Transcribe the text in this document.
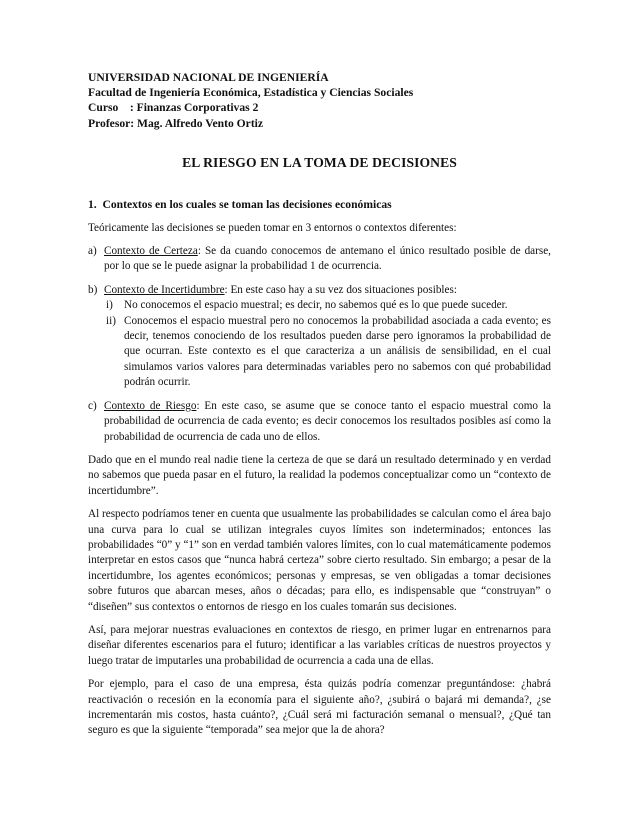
UNIVERSIDAD NACIONAL DE INGENIERÍA
Facultad de Ingeniería Económica, Estadística y Ciencias Sociales
Curso    : Finanzas Corporativas 2
Profesor: Mag. Alfredo Vento Ortiz
EL RIESGO EN LA TOMA DE DECISIONES
1.  Contextos en los cuales se toman las decisiones económicas

Teóricamente las decisiones se pueden tomar en 3 entornos o contextos diferentes:

a) Contexto de Certeza: Se da cuando conocemos de antemano el único resultado posible de darse, por lo que se le puede asignar la probabilidad 1 de ocurrencia.
b) Contexto de Incertidumbre: En este caso hay a su vez dos situaciones posibles:
i) No conocemos el espacio muestral; es decir, no sabemos qué es lo que puede suceder.
ii) Conocemos el espacio muestral pero no conocemos la probabilidad asociada a cada evento; es decir, tenemos conociendo de los resultados pueden darse pero ignoramos la probabilidad de que ocurran. Este contexto es el que caracteriza a un análisis de sensibilidad, en el cual simulamos varios valores para determinadas variables pero no sabemos con qué probabilidad podrán ocurrir.
c) Contexto de Riesgo: En este caso, se asume que se conoce tanto el espacio muestral como la probabilidad de ocurrencia de cada evento; es decir conocemos los resultados posibles así como la probabilidad de ocurrencia de cada uno de ellos.

Dado que en el mundo real nadie tiene la certeza de que se dará un resultado determinado y en verdad no sabemos que pueda pasar en el futuro, la realidad la podemos conceptualizar como un “contexto de incertidumbre”.

Al respecto podríamos tener en cuenta que usualmente las probabilidades se calculan como el área bajo una curva para lo cual se utilizan integrales cuyos límites son indeterminados; entonces las probabilidades “0” y “1” son en verdad también valores límites, con lo cual matemáticamente podemos interpretar en estos casos que “nunca habrá certeza” sobre cierto resultado. Sin embargo; a pesar de la incertidumbre, los agentes económicos; personas y empresas, se ven obligadas a tomar decisiones sobre futuros que abarcan meses, años o décadas; para ello, es indispensable que “construyan” o “diseñen” sus contextos o entornos de riesgo en los cuales tomarán sus decisiones.

Así, para mejorar nuestras evaluaciones en contextos de riesgo, en primer lugar en entrenarnos para diseñar diferentes escenarios para el futuro; identificar a las variables críticas de nuestros proyectos y luego tratar de imputarles una probabilidad de ocurrencia a cada una de ellas.

Por ejemplo, para el caso de una empresa, ésta quizás podría comenzar preguntándose: ¿habrá reactivación o recesión en la economía para el siguiente año?, ¿subirá o bajará mi demanda?, ¿se incrementarán mis costos, hasta cuánto?, ¿Cuál será mi facturación semanal o mensual?, ¿Qué tan seguro es que la siguiente “temporada” sea mejor que la de ahora?
